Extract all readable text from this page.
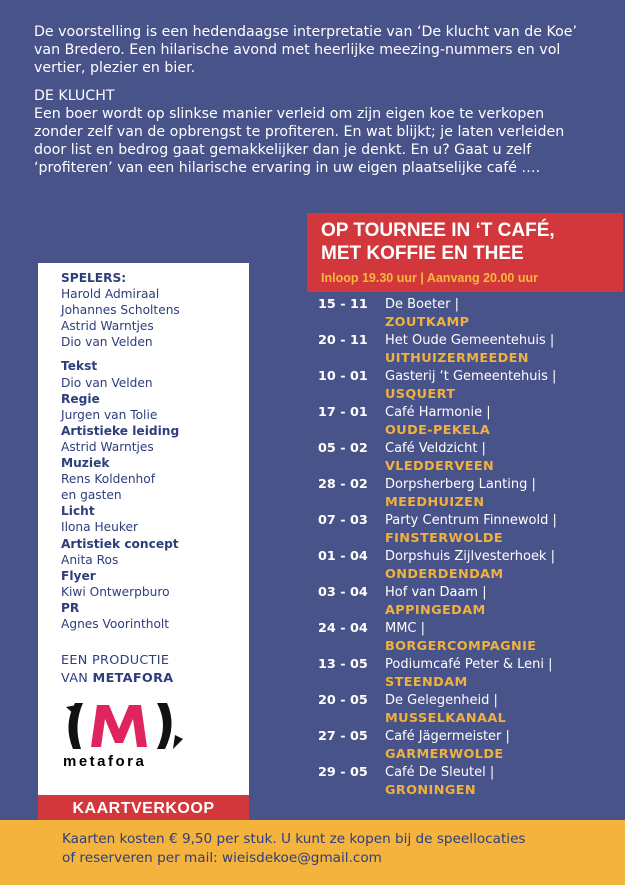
De voorstelling is een hedendaagse interpretatie van ‘De klucht van de Koe’ van Bredero. Een hilarische avond met heerlijke meezing-nummers en vol vertier, plezier en bier.

DE KLUCHT

Een boer wordt op slinkse manier verleid om zijn eigen koe te verkopen zonder zelf van de opbrengst te profiteren. En wat blijkt; je laten verleiden door list en bedrog gaat gemakkelijker dan je denkt. En u? Gaat u zelf ‘profiteren’ van een hilarische ervaring in uw eigen plaatselijke café ….

OP TOURNEE IN ‘T CAFÉ,
MET KOFFIE EN THEE
Inloop 19.30 uur | Aanvang 20.00 uur
15 - 11	De Boeter |
ZOUTKAMP
20 - 11	Het Oude Gemeentehuis |
UITHUIZERMEEDEN
10 - 01	Gasterij ‘t Gemeentehuis |
USQUERT
17 - 01	Café Harmonie |
OUDE-PEKELA
05 - 02	Café Veldzicht |
VLEDDERVEEN
28 - 02	Dorpsherberg Lanting |
MEEDHUIZEN
07 - 03	Party Centrum Finnewold |
FINSTERWOLDE
01 - 04	Dorpshuis Zijlvesterhoek |
ONDERDENDAM
03 - 04	Hof van Daam |
APPINGEDAM
24 - 04	MMC |
BORGERCOMPAGNIE
13 - 05	Podiumcafé Peter & Leni |
STEENDAM
20 - 05	De Gelegenheid |
MUSSELKANAAL
27 - 05	Café Jägermeister |
GARMERWOLDE
29 - 05	Café De Sleutel |
GRONINGEN
SPELERS:
Harold Admiraal
Johannes Scholtens
Astrid Warntjes
Dio van Velden
Tekst
Dio van Velden
Regie
Jurgen van Tolie
Artistieke leiding
Astrid Warntjes
Muziek
Rens Koldenhof
en gasten
Licht
Ilona Heuker
Artistiek concept
Anita Ros
Flyer
Kiwi Ontwerpburo
PR
Agnes Voorintholt
EEN PRODUCTIE
VAN METAFORA
metafora
KAARTVERKOOP
Kaarten kosten € 9,50 per stuk. U kunt ze kopen bij de speellocaties
of reserveren per mail: wieisdekoe@gmail.com
